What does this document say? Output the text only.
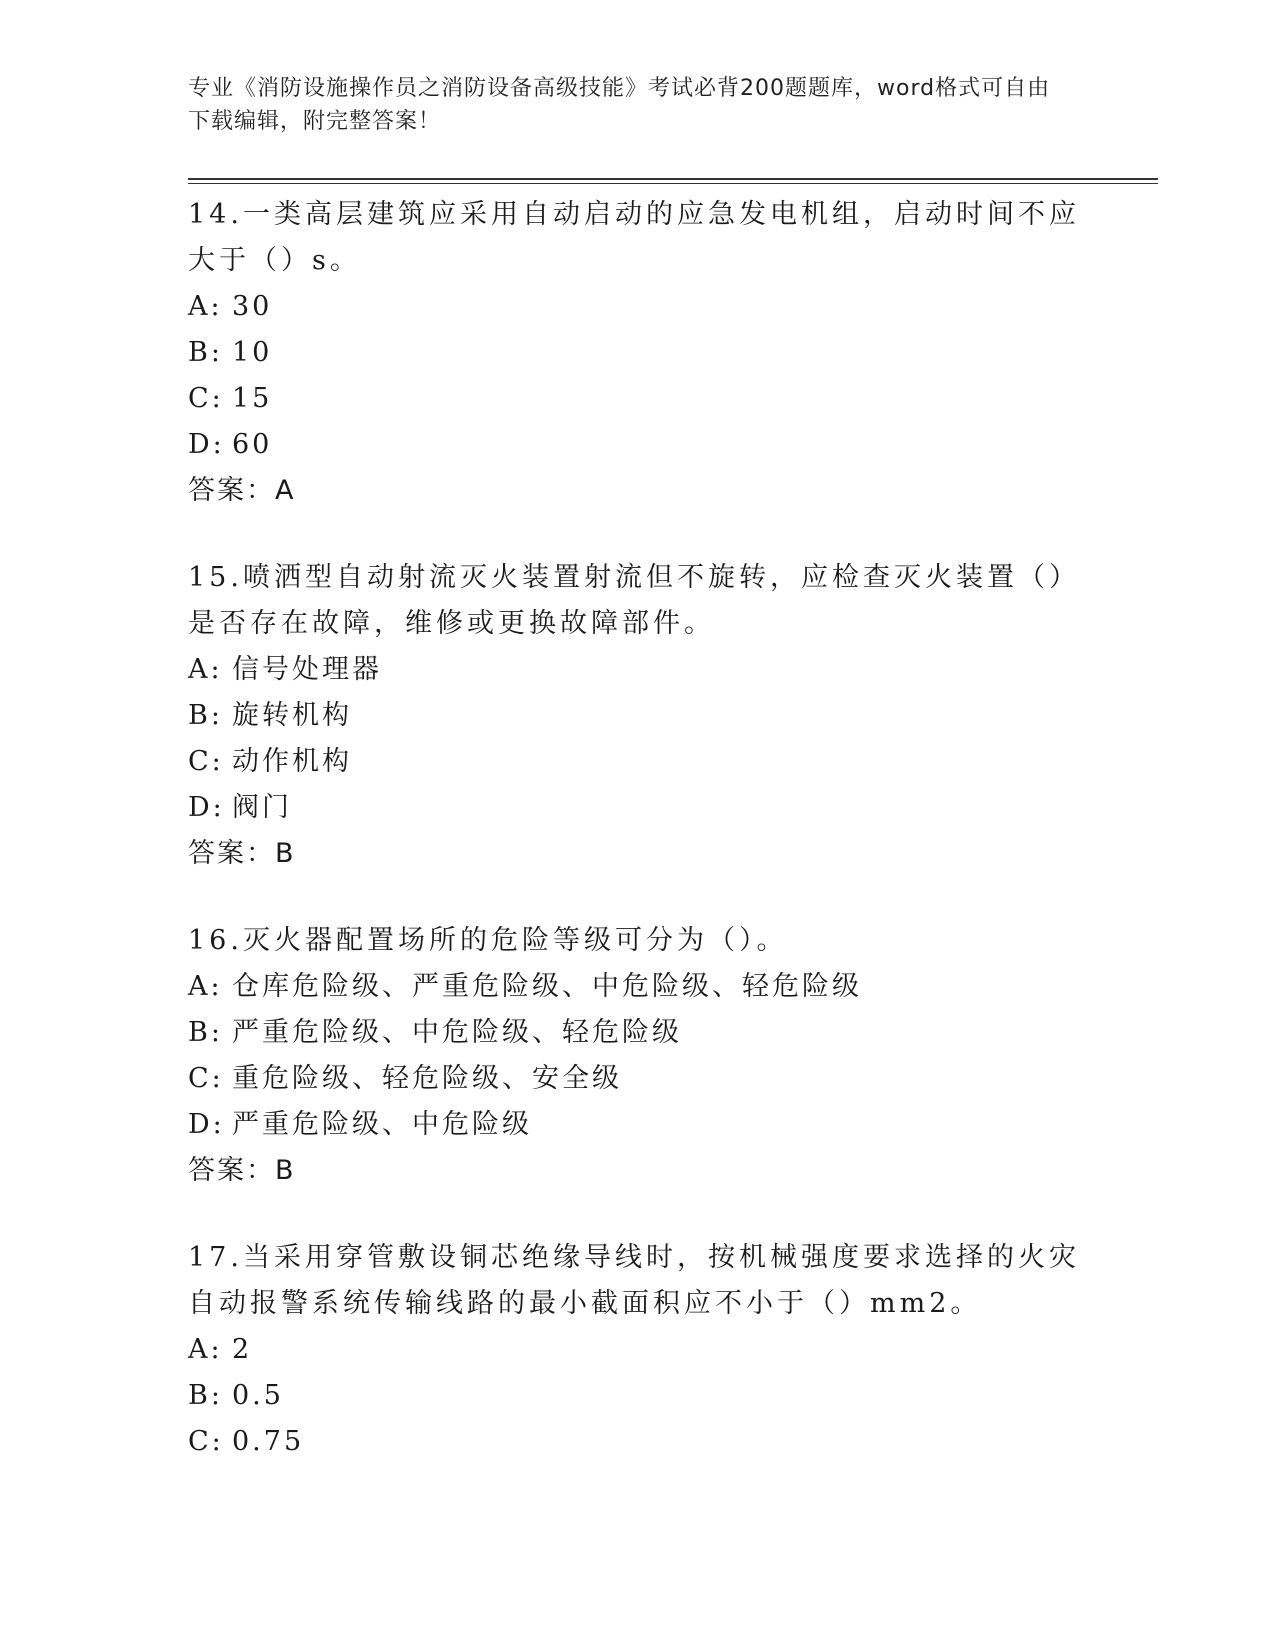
专业《消防设施操作员之消防设备高级技能》考试必背200题题库，word格式可自由下载编辑，附完整答案！

14.一类高层建筑应采用自动启动的应急发电机组，启动时间不应大于（）s。

A: 30

B: 10

C: 15

D: 60

答案：A

15.喷洒型自动射流灭火装置射流但不旋转，应检查灭火装置（）是否存在故障，维修或更换故障部件。

A: 信号处理器

B: 旋转机构

C: 动作机构

D: 阀门

答案：B

16.灭火器配置场所的危险等级可分为（）。

A: 仓库危险级、严重危险级、中危险级、轻危险级

B: 严重危险级、中危险级、轻危险级

C: 重危险级、轻危险级、安全级

D: 严重危险级、中危险级

答案：B

17.当采用穿管敷设铜芯绝缘导线时，按机械强度要求选择的火灾自动报警系统传输线路的最小截面积应不小于（）mm2。

A: 2

B: 0.5

C: 0.75
